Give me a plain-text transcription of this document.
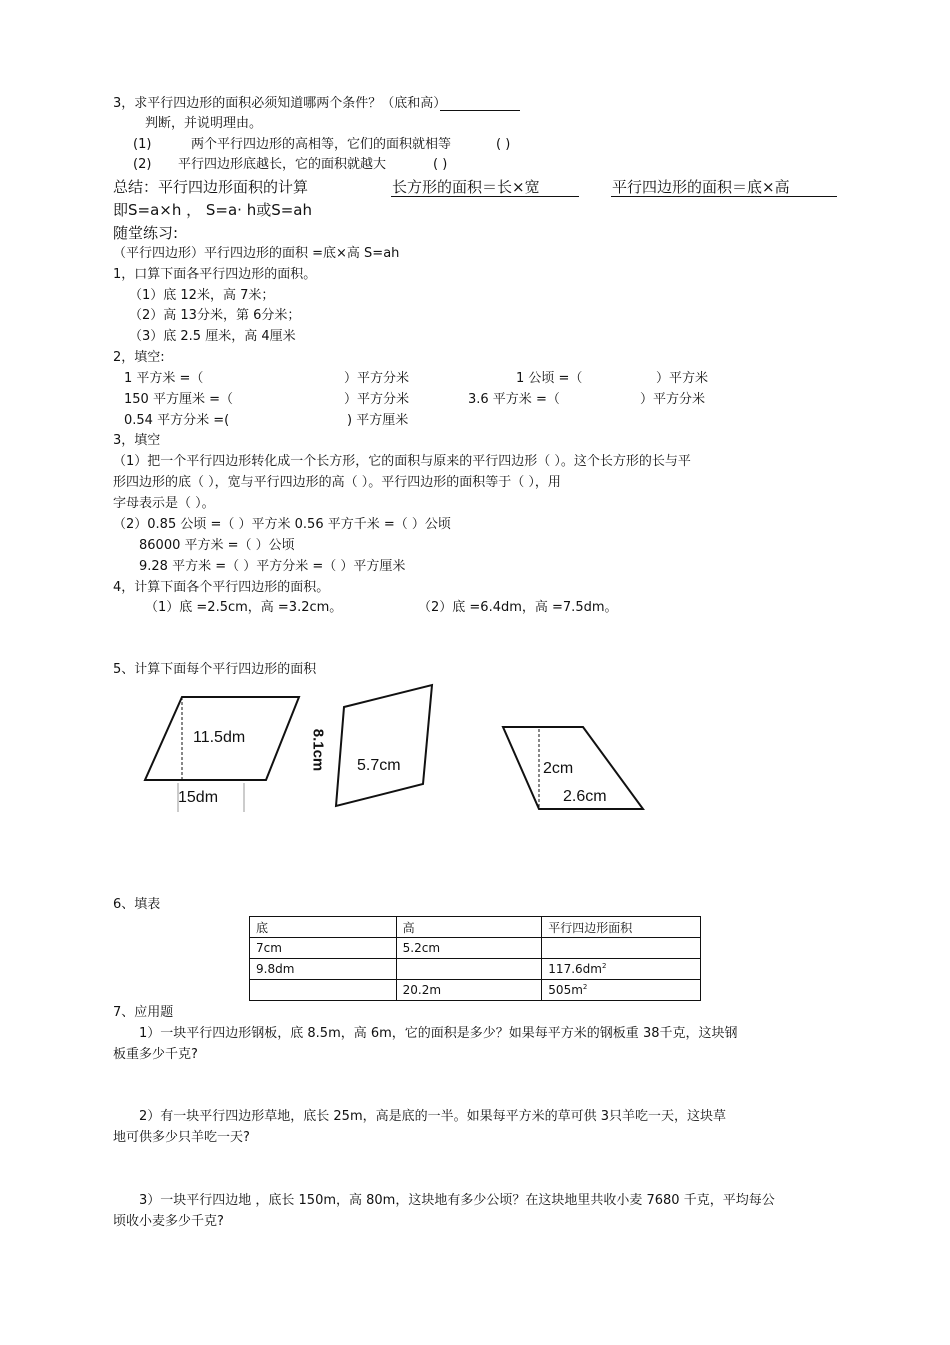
3，求平行四边形的面积必须知道哪两个条件？（底和高）
判断，并说明理由。
(1)	两个平行四边形的高相等，它们的面积就相等	( )
(2) 平行四边形底越长，它的面积就越大	( )
总结：平行四边形面积的计算	长方形的面积＝长×宽	平行四边形的面积＝底×高
即S=a×h ， S=a· h或S=ah
随堂练习:
（平行四边形）平行四边形的面积 =底×高 S=ah
1，口算下面各平行四边形的面积。
（1）底 12米，高 7米；
（2）高 13分米，第 6分米；
（3）底 2.5 厘米，高 4厘米
2，填空:
1 平方米 =（	）平方分米	1 公顷 =（	）平方米
150 平方厘米 =（	）平方分米	3.6 平方米 =（	）平方分米
0.54 平方分米 =(	) 平方厘米
3，填空
（1）把一个平行四边形转化成一个长方形，它的面积与原来的平行四边形（ ）。这个长方形的长与平
形四边形的底（ ），宽与平行四边形的高（ ）。平行四边形的面积等于（ ），用
字母表示是（ ）。
（2）0.85 公顷 =（ ）平方米 0.56 平方千米 =（ ）公顷
86000 平方米 =（ ）公顷
9.28 平方米 =（ ）平方分米 =（ ）平方厘米
4，计算下面各个平行四边形的面积。
（1）底 =2.5cm，高 =3.2cm。	（2）底 =6.4dm，高 =7.5dm。
5、计算下面每个平行四边形的面积
11.5dm
15dm
8.1cm 5.7cm	2cm
2.6cm
6、填表
底	高	平行四边形面积
7cm	5.2cm	
9.8dm		$117.6dm^2$
	20.2m	$505m^2$
7、应用题
1）一块平行四边形钢板，底 8.5m，高 6m，它的面积是多少？如果每平方米的钢板重 38千克，这块钢
板重多少千克?
2）有一块平行四边形草地，底长 25m，高是底的一半。如果每平方米的草可供 3只羊吃一天，这块草
地可供多少只羊吃一天?
3）一块平行四边地 ，底长 150m，高 80m，这块地有多少公顷？在这块地里共收小麦 7680 千克，平均每公
顷收小麦多少千克?
